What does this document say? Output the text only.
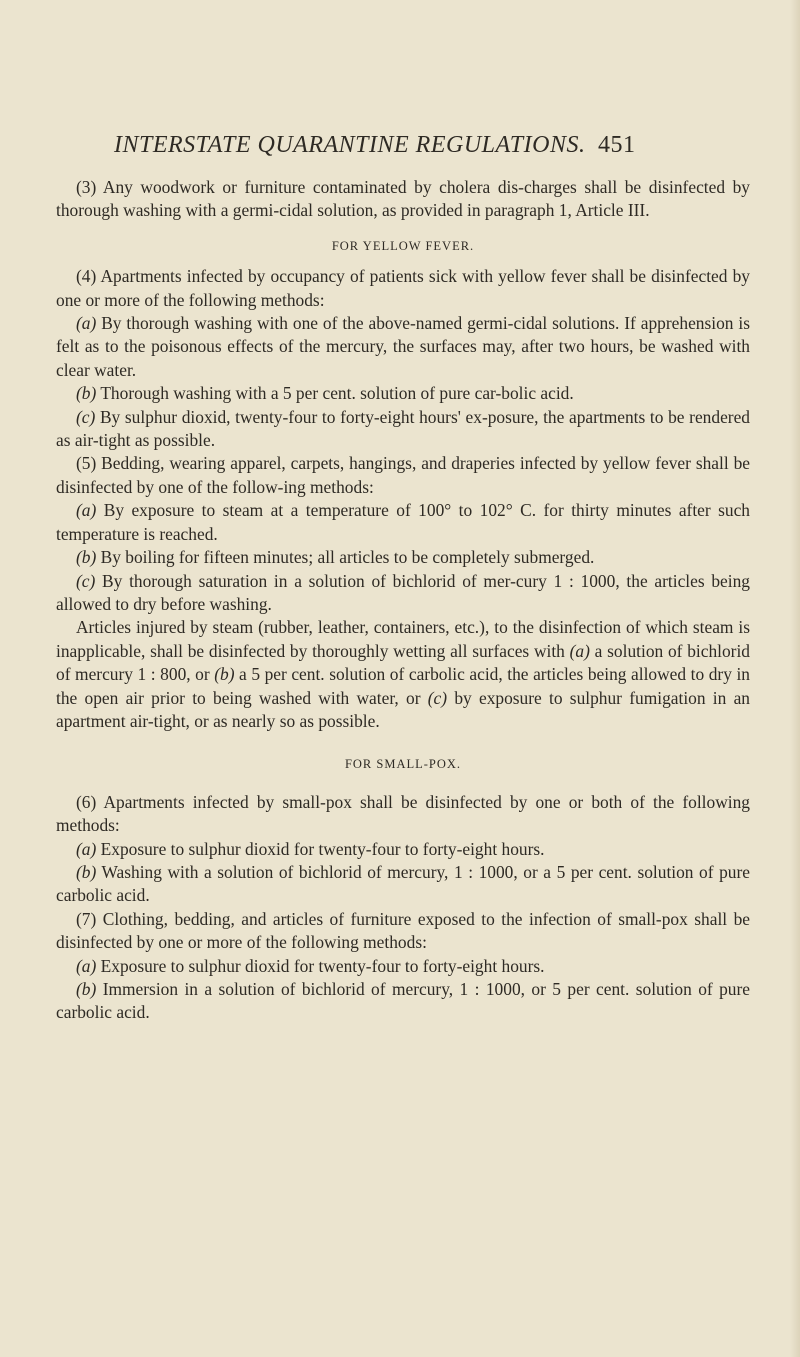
INTERSTATE QUARANTINE REGULATIONS. 451

(3) Any woodwork or furniture contaminated by cholera dis-charges shall be disinfected by thorough washing with a germi-cidal solution, as provided in paragraph 1, Article III.

FOR YELLOW FEVER.

(4) Apartments infected by occupancy of patients sick with yellow fever shall be disinfected by one or more of the following methods:

(a) By thorough washing with one of the above-named germi-cidal solutions. If apprehension is felt as to the poisonous effects of the mercury, the surfaces may, after two hours, be washed with clear water.

(b) Thorough washing with a 5 per cent. solution of pure car-bolic acid.

(c) By sulphur dioxid, twenty-four to forty-eight hours' ex-posure, the apartments to be rendered as air-tight as possible.

(5) Bedding, wearing apparel, carpets, hangings, and draperies infected by yellow fever shall be disinfected by one of the follow-ing methods:

(a) By exposure to steam at a temperature of 100° to 102° C. for thirty minutes after such temperature is reached.

(b) By boiling for fifteen minutes; all articles to be completely submerged.

(c) By thorough saturation in a solution of bichlorid of mer-cury 1 : 1000, the articles being allowed to dry before washing.

Articles injured by steam (rubber, leather, containers, etc.), to the disinfection of which steam is inapplicable, shall be disinfected by thoroughly wetting all surfaces with (a) a solution of bichlorid of mercury 1 : 800, or (b) a 5 per cent. solution of carbolic acid, the articles being allowed to dry in the open air prior to being washed with water, or (c) by exposure to sulphur fumigation in an apartment air-tight, or as nearly so as possible.

FOR SMALL-POX.

(6) Apartments infected by small-pox shall be disinfected by one or both of the following methods:

(a) Exposure to sulphur dioxid for twenty-four to forty-eight hours.

(b) Washing with a solution of bichlorid of mercury, 1 : 1000, or a 5 per cent. solution of pure carbolic acid.

(7) Clothing, bedding, and articles of furniture exposed to the infection of small-pox shall be disinfected by one or more of the following methods:

(a) Exposure to sulphur dioxid for twenty-four to forty-eight hours.

(b) Immersion in a solution of bichlorid of mercury, 1 : 1000, or 5 per cent. solution of pure carbolic acid.
